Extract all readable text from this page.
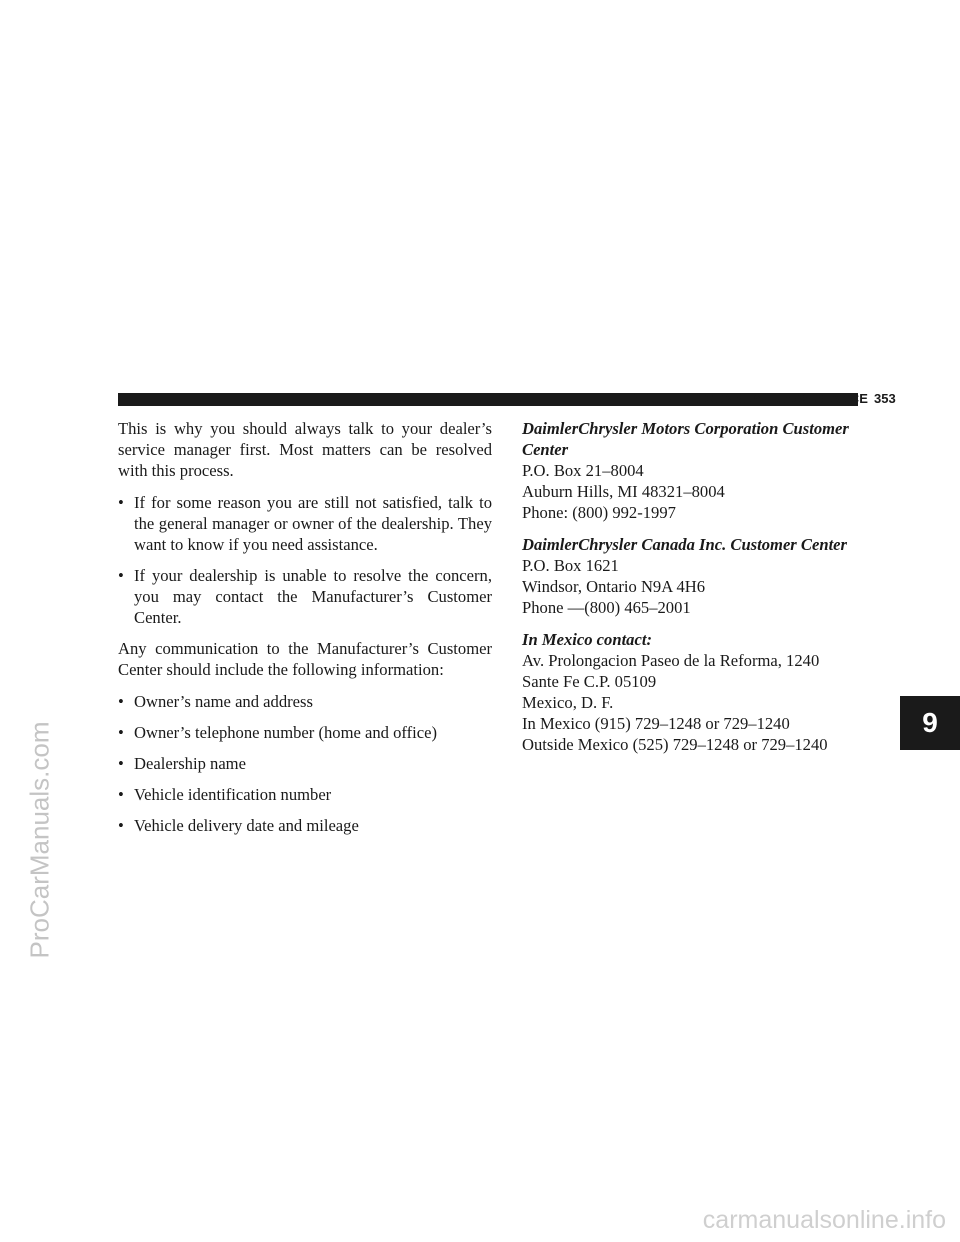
IF YOU NEED CONSUMER ASSISTANCE 353

This is why you should always talk to your dealer’s service manager first. Most matters can be resolved with this process.

• If for some reason you are still not satisfied, talk to the general manager or owner of the dealership. They want to know if you need assistance.
• If your dealership is unable to resolve the concern, you may contact the Manufacturer’s Customer Center.

Any communication to the Manufacturer’s Customer Center should include the following information:

• Owner’s name and address
• Owner’s telephone number (home and office)
• Dealership name
• Vehicle identification number
• Vehicle delivery date and mileage

DaimlerChrysler Motors Corporation Customer Center

P.O. Box 21–8004

Auburn Hills, MI 48321–8004

Phone: (800) 992-1997

DaimlerChrysler Canada Inc. Customer Center

P.O. Box 1621

Windsor, Ontario N9A 4H6

Phone —(800) 465–2001

In Mexico contact:

Av. Prolongacion Paseo de la Reforma, 1240

Sante Fe C.P. 05109

Mexico, D. F.

In Mexico (915) 729–1248 or 729–1240

Outside Mexico (525) 729–1248 or 729–1240

9
ProCarManuals.com
carmanualsonline.info
